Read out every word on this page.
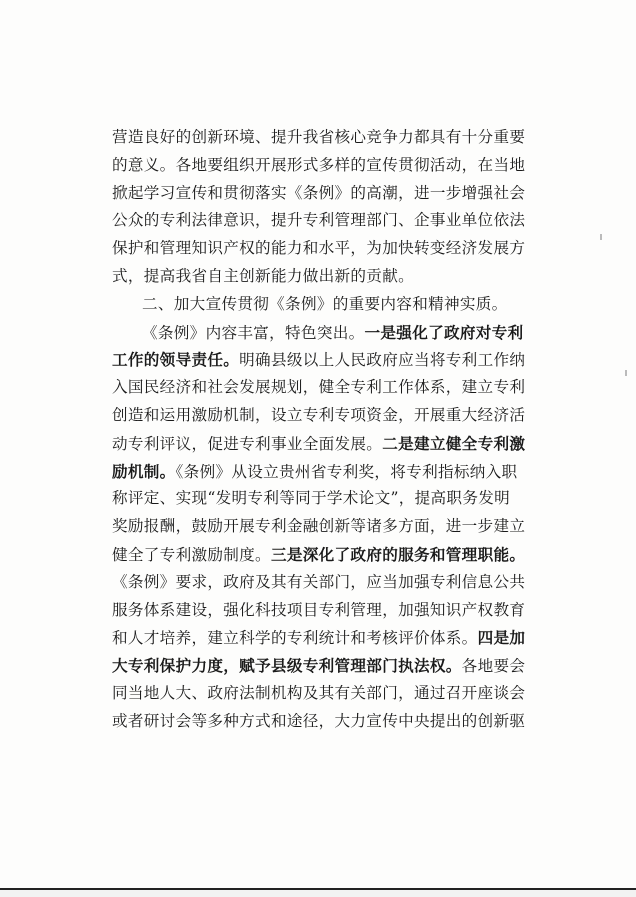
营造良好的创新环境、提升我省核心竞争力都具有十分重要
的意义。各地要组织开展形式多样的宣传贯彻活动，在当地
掀起学习宣传和贯彻落实《条例》的高潮，进一步增强社会
公众的专利法律意识，提升专利管理部门、企事业单位依法
保护和管理知识产权的能力和水平，为加快转变经济发展方
式，提高我省自主创新能力做出新的贡献。
二、加大宣传贯彻《条例》的重要内容和精神实质。
《条例》内容丰富，特色突出。一是强化了政府对专利
工作的领导责任。明确县级以上人民政府应当将专利工作纳
入国民经济和社会发展规划，健全专利工作体系，建立专利
创造和运用激励机制，设立专利专项资金，开展重大经济活
动专利评议，促进专利事业全面发展。二是建立健全专利激
励机制。《条例》从设立贵州省专利奖，将专利指标纳入职
称评定、实现“发明专利等同于学术论文”，提高职务发明
奖励报酬，鼓励开展专利金融创新等诸多方面，进一步建立
健全了专利激励制度。三是深化了政府的服务和管理职能。
《条例》要求，政府及其有关部门，应当加强专利信息公共
服务体系建设，强化科技项目专利管理，加强知识产权教育
和人才培养，建立科学的专利统计和考核评价体系。四是加
大专利保护力度，赋予县级专利管理部门执法权。各地要会
同当地人大、政府法制机构及其有关部门，通过召开座谈会
或者研讨会等多种方式和途径，大力宣传中央提出的创新驱
